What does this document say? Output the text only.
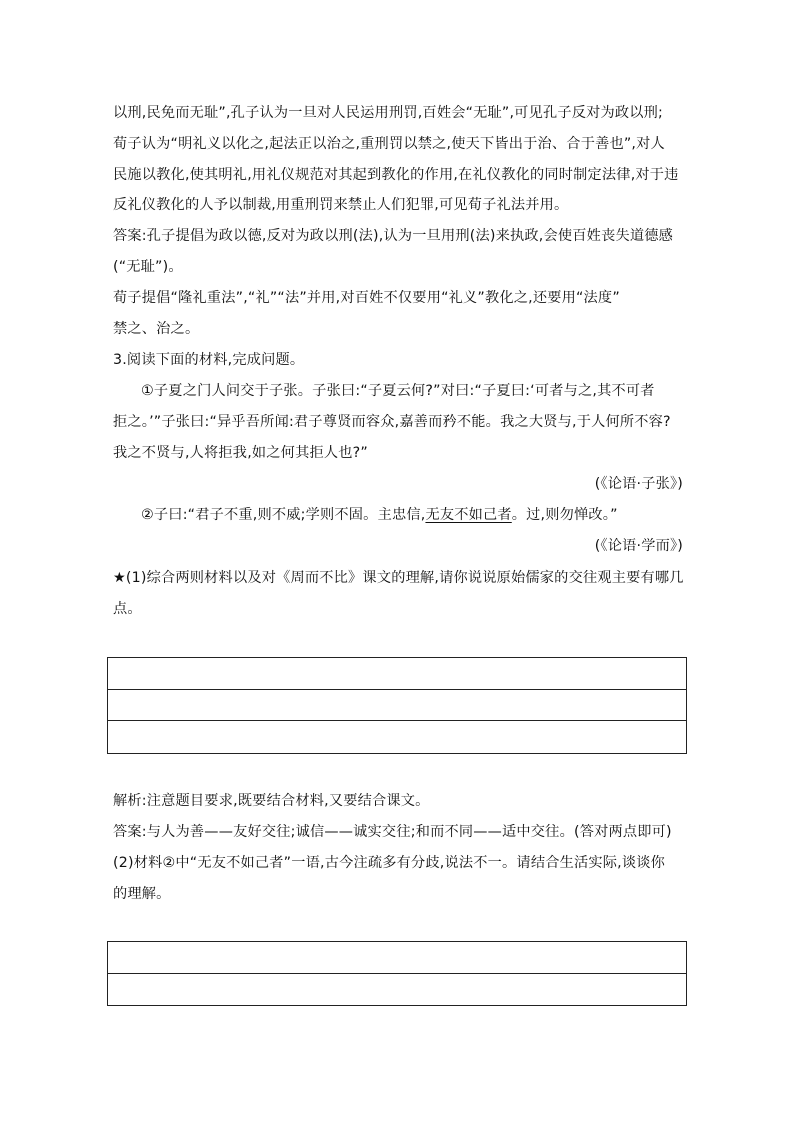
以刑,民免而无耻”,孔子认为一旦对人民运用刑罚,百姓会“无耻”,可见孔子反对为政以刑;
荀子认为“明礼义以化之,起法正以治之,重刑罚以禁之,使天下皆出于治、合于善也”,对人
民施以教化,使其明礼,用礼仪规范对其起到教化的作用,在礼仪教化的同时制定法律,对于违
反礼仪教化的人予以制裁,用重刑罚来禁止人们犯罪,可见荀子礼法并用。
答案:孔子提倡为政以德,反对为政以刑(法),认为一旦用刑(法)来执政,会使百姓丧失道德感
(“无耻”)。
荀子提倡“隆礼重法”,“礼”“法”并用,对百姓不仅要用“礼义”教化之,还要用“法度”
禁之、治之。
3.阅读下面的材料,完成问题。
①子夏之门人问交于子张。子张曰:“子夏云何?”对曰:“子夏曰:‘可者与之,其不可者
拒之。’”子张曰:“异乎吾所闻:君子尊贤而容众,嘉善而矜不能。我之大贤与,于人何所不容?
我之不贤与,人将拒我,如之何其拒人也?”
(《论语·子张》)
②子曰:“君子不重,则不威;学则不固。主忠信,无友不如己者。过,则勿惮改。”
(《论语·学而》)
★(1)综合两则材料以及对《周而不比》课文的理解,请你说说原始儒家的交往观主要有哪几
点。
解析:注意题目要求,既要结合材料,又要结合课文。
答案:与人为善——友好交往;诚信——诚实交往;和而不同——适中交往。(答对两点即可)
(2)材料②中“无友不如己者”一语,古今注疏多有分歧,说法不一。请结合生活实际,谈谈你
的理解。
